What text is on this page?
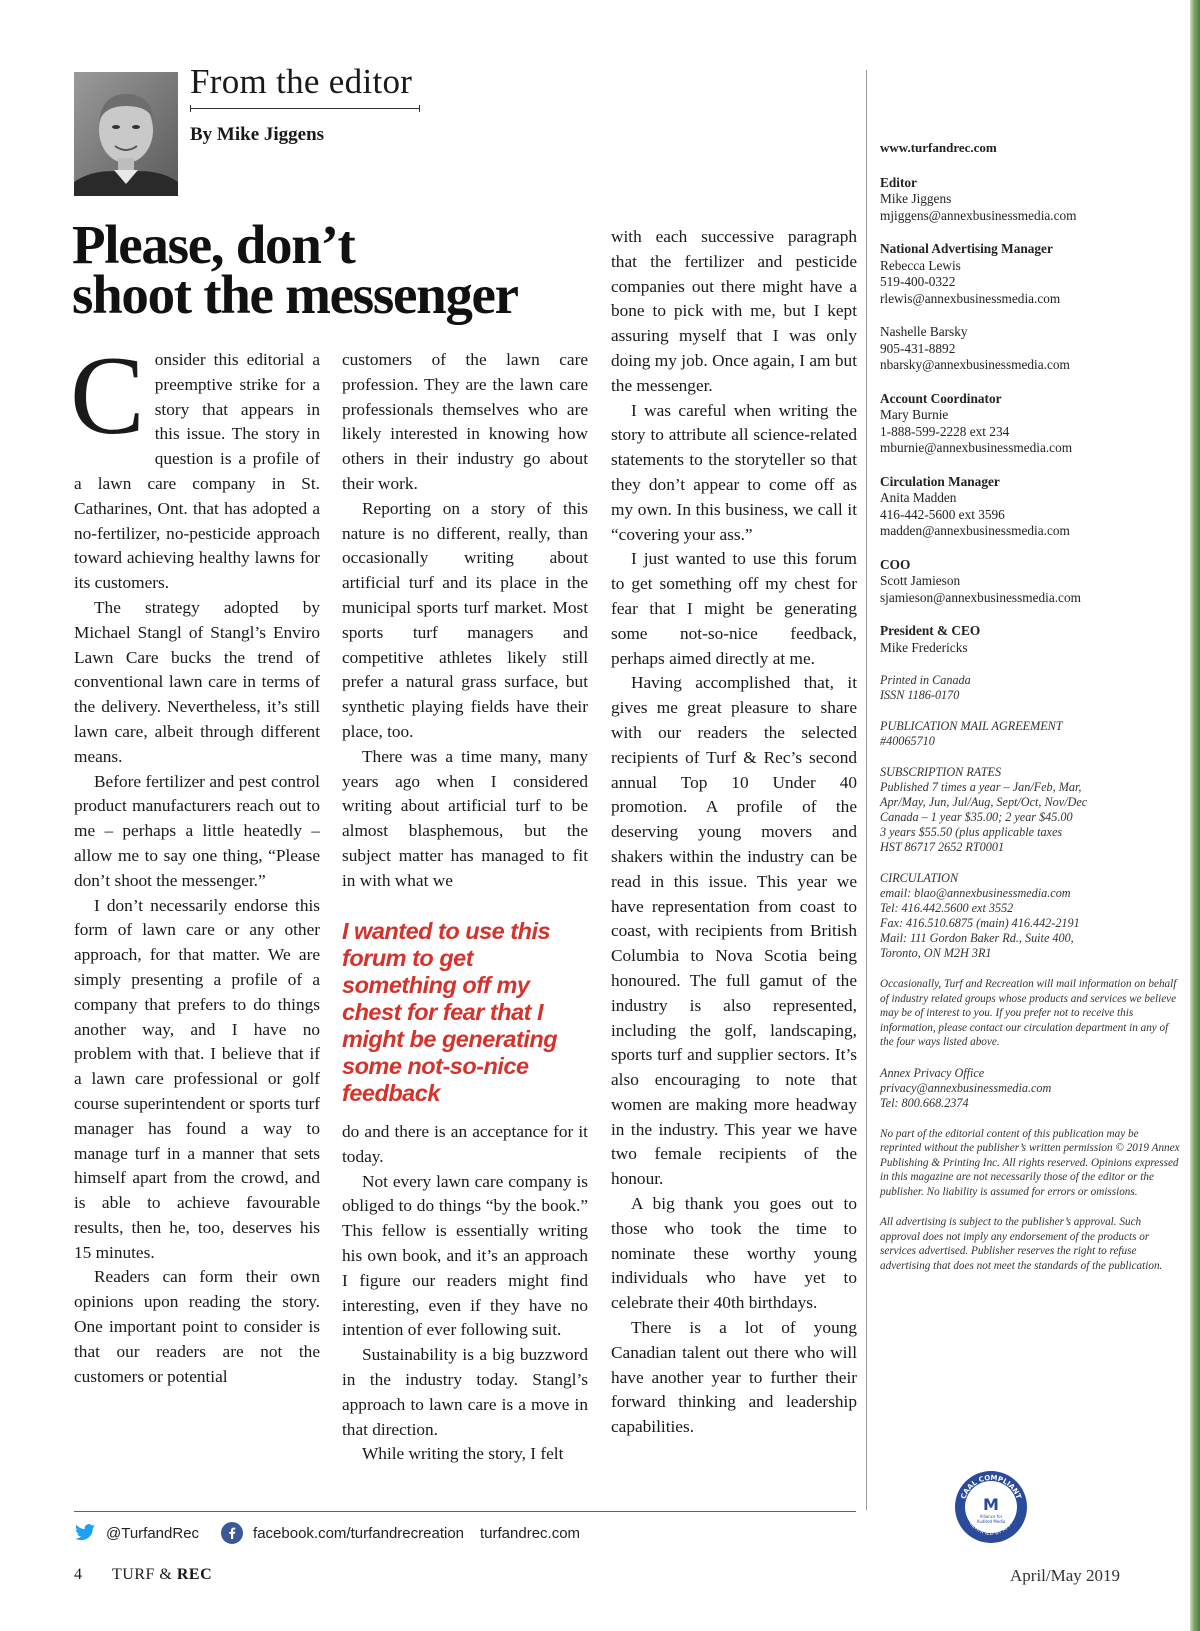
From the editor
By Mike Jiggens
Please, don’t
shoot the messenger

Consider this editorial a preemptive strike for a story that appears in this issue. The story in question is a profile of a lawn care company in St. Catharines, Ont. that has adopted a no-fertilizer, no-pesticide approach toward achieving healthy lawns for its customers.

The strategy adopted by Michael Stangl of Stangl’s Enviro Lawn Care bucks the trend of conventional lawn care in terms of the delivery. Nevertheless, it’s still lawn care, albeit through different means.

Before fertilizer and pest control product manufacturers reach out to me – perhaps a little heatedly – allow me to say one thing, “Please don’t shoot the messenger.”

I don’t necessarily endorse this form of lawn care or any other approach, for that matter. We are simply presenting a profile of a company that prefers to do things another way, and I have no problem with that. I believe that if a lawn care professional or golf course superintendent or sports turf manager has found a way to manage turf in a manner that sets himself apart from the crowd, and is able to achieve favourable results, then he, too, deserves his 15 minutes.

Readers can form their own opinions upon reading the story. One important point to consider is that our readers are not the customers or potential

customers of the lawn care profession. They are the lawn care professionals themselves who are likely interested in knowing how others in their industry go about their work.

Reporting on a story of this nature is no different, really, than occasionally writing about artificial turf and its place in the municipal sports turf market. Most sports turf managers and competitive athletes likely still prefer a natural grass surface, but synthetic playing fields have their place, too.

There was a time many, many years ago when I considered writing about artificial turf to be almost blasphemous, but the subject matter has managed to fit in with what we

I wanted to use this forum to get something off my chest for fear that I might be generating some not-so-nice feedback

do and there is an acceptance for it today.

Not every lawn care company is obliged to do things “by the book.” This fellow is essentially writing his own book, and it’s an approach I figure our readers might find interesting, even if they have no intention of ever following suit.

Sustainability is a big buzzword in the industry today. Stangl’s approach to lawn care is a move in that direction.

While writing the story, I felt

with each successive paragraph that the fertilizer and pesticide companies out there might have a bone to pick with me, but I kept assuring myself that I was only doing my job. Once again, I am but the messenger.

I was careful when writing the story to attribute all science-related statements to the storyteller so that they don’t appear to come off as my own. In this business, we call it “covering your ass.”

I just wanted to use this forum to get something off my chest for fear that I might be generating some not-so-nice feedback, perhaps aimed directly at me.

Having accomplished that, it gives me great pleasure to share with our readers the selected recipients of Turf & Rec’s second annual Top 10 Under 40 promotion. A profile of the deserving young movers and shakers within the industry can be read in this issue. This year we have representation from coast to coast, with recipients from British Columbia to Nova Scotia being honoured. The full gamut of the industry is also represented, including the golf, landscaping, sports turf and supplier sectors. It’s also encouraging to note that women are making more headway in the industry. This year we have two female recipients of the honour.

A big thank you goes out to those who took the time to nominate these worthy young individuals who have yet to celebrate their 40th birthdays.

There is a lot of young Canadian talent out there who will have another year to further their forward thinking and leadership capabilities.

www.turfandrec.com
Editor
Mike Jiggens
mjiggens@annexbusinessmedia.com
National Advertising Manager
Rebecca Lewis
519-400-0322
rlewis@annexbusinessmedia.com
Nashelle Barsky
905-431-8892
nbarsky@annexbusinessmedia.com
Account Coordinator
Mary Burnie
1-888-599-2228 ext 234
mburnie@annexbusinessmedia.com
Circulation Manager
Anita Madden
416-442-5600 ext 3596
madden@annexbusinessmedia.com
COO
Scott Jamieson
sjamieson@annexbusinessmedia.com
President & CEO
Mike Fredericks
Printed in Canada
ISSN 1186-0170
PUBLICATION MAIL AGREEMENT
#40065710
SUBSCRIPTION RATES
Published 7 times a year – Jan/Feb, Mar,
Apr/May, Jun, Jul/Aug, Sept/Oct, Nov/Dec
Canada – 1 year $35.00; 2 year $45.00
3 years $55.50 (plus applicable taxes
HST 86717 2652 RT0001
CIRCULATION
email: blao@annexbusinessmedia.com
Tel: 416.442.5600 ext 3552
Fax: 416.510.6875 (main) 416.442-2191
Mail: 111 Gordon Baker Rd., Suite 400,
Toronto, ON M2H 3R1
Occasionally, Turf and Recreation will mail information on behalf of industry related groups whose products and services we believe may be of interest to you. If you prefer not to receive this information, please contact our circulation department in any of the four ways listed above.
Annex Privacy Office
privacy@annexbusinessmedia.com
Tel: 800.668.2374
No part of the editorial content of this publication may be reprinted without the publisher’s written permission © 2019 Annex Publishing & Printing Inc. All rights reserved. Opinions expressed in this magazine are not necessarily those of the editor or the publisher. No liability is assumed for errors or omissions.
All advertising is subject to the publisher’s approval. Such approval does not imply any endorsement of the products or services advertised. Publisher reserves the right to refuse advertising that does not meet the standards of the publication.
CAAL COMPLIANT
CERTIFIED BY AAM
M
Alliance for
Audited Media
@TurfandRec	facebook.com/turfandrecreation turfandrec.com
4 TURF & REC	April/May 2019
